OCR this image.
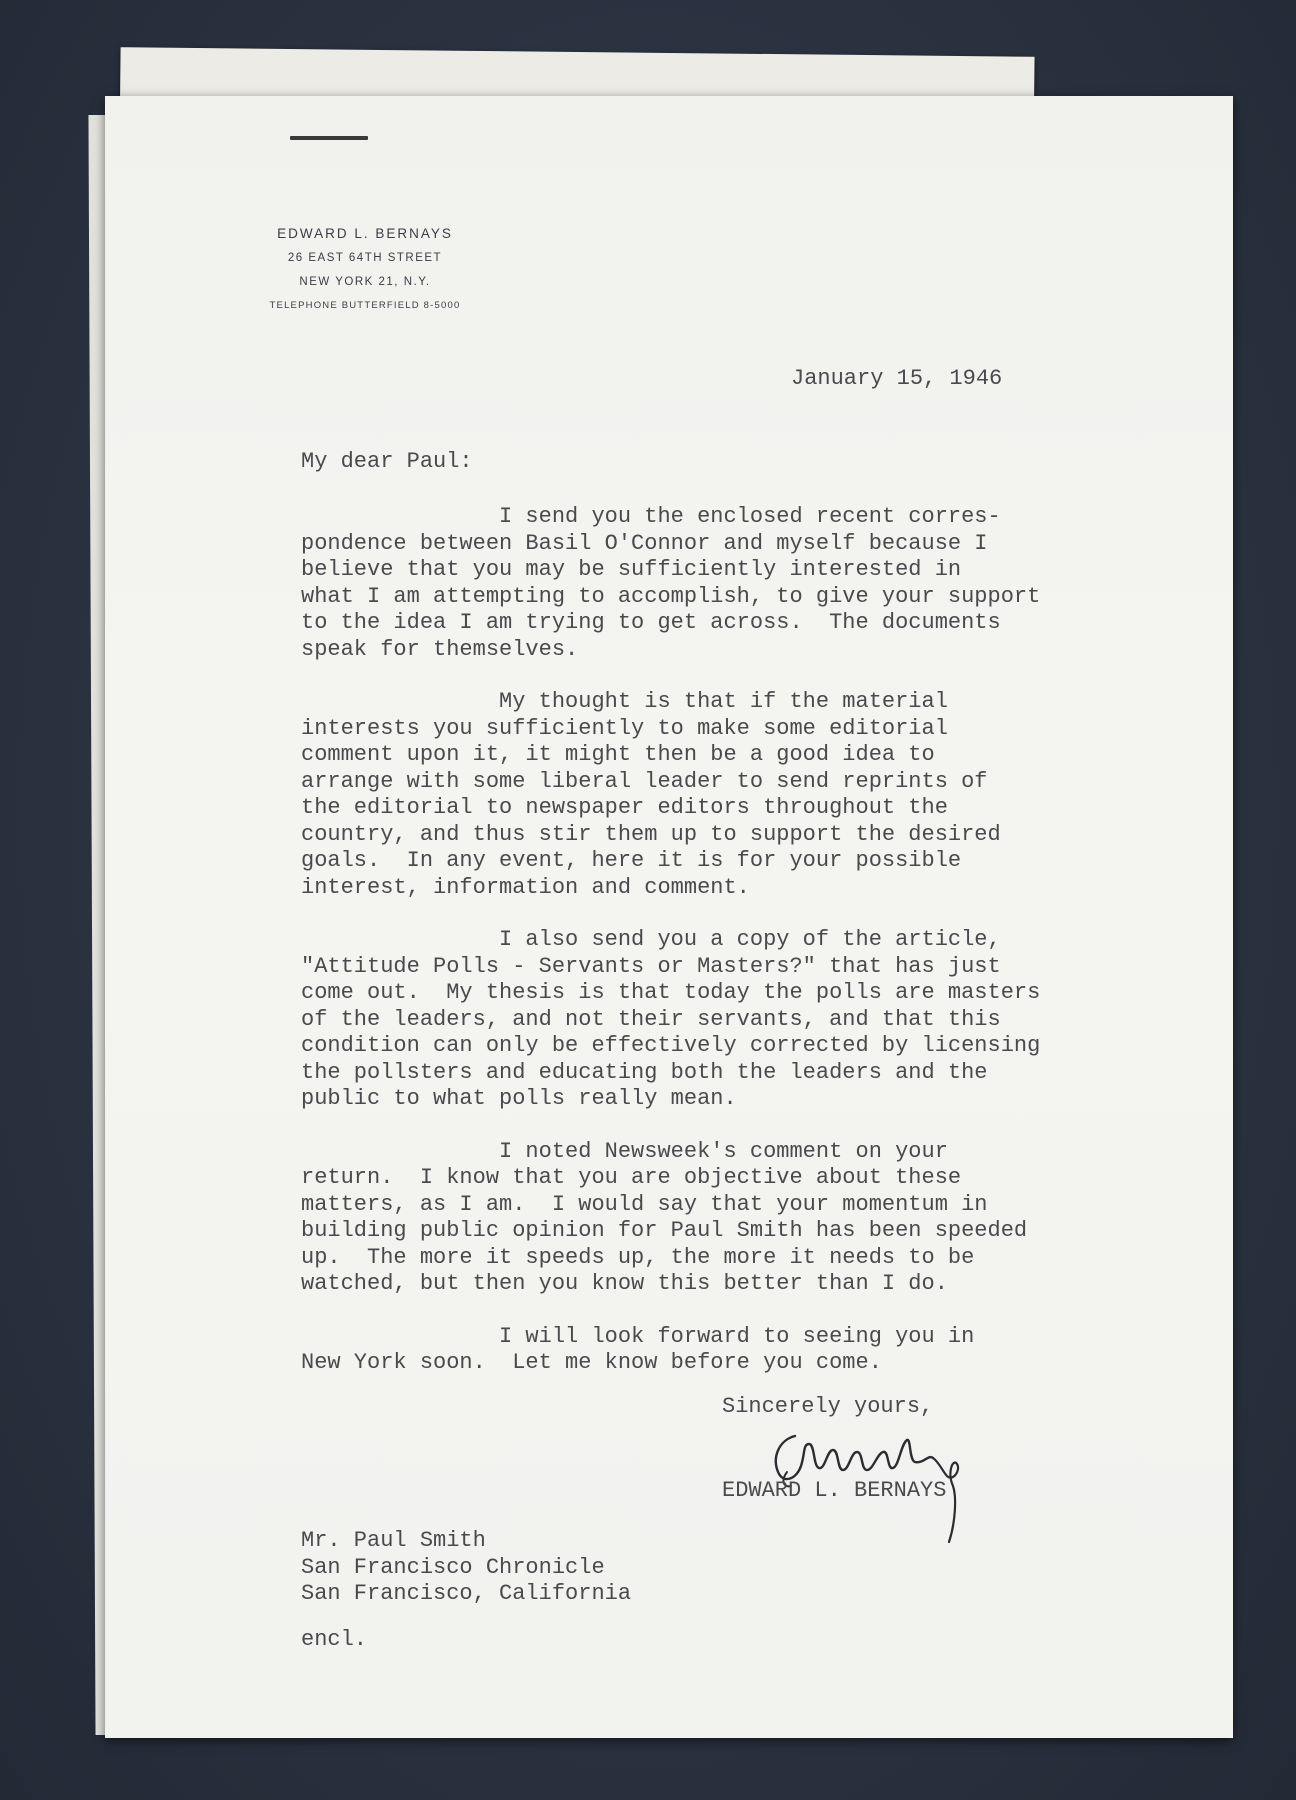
EDWARD L. BERNAYS
26 EAST 64TH STREET
NEW YORK 21, N.Y.
TELEPHONE BUTTERFIELD 8-5000
January 15, 1946
My dear Paul:
I send you the enclosed recent corres-
pondence between Basil O'Connor and myself because I
believe that you may be sufficiently interested in
what I am attempting to accomplish, to give your support
to the idea I am trying to get across.  The documents
speak for themselves.
My thought is that if the material
interests you sufficiently to make some editorial
comment upon it, it might then be a good idea to
arrange with some liberal leader to send reprints of
the editorial to newspaper editors throughout the
country, and thus stir them up to support the desired
goals.  In any event, here it is for your possible
interest, information and comment.
I also send you a copy of the article,
"Attitude Polls - Servants or Masters?" that has just
come out.  My thesis is that today the polls are masters
of the leaders, and not their servants, and that this
condition can only be effectively corrected by licensing
the pollsters and educating both the leaders and the
public to what polls really mean.
I noted Newsweek's comment on your
return.  I know that you are objective about these
matters, as I am.  I would say that your momentum in
building public opinion for Paul Smith has been speeded
up.  The more it speeds up, the more it needs to be
watched, but then you know this better than I do.
I will look forward to seeing you in
New York soon.  Let me know before you come.
Sincerely yours,
EDWARD L. BERNAYS
Mr. Paul Smith
San Francisco Chronicle
San Francisco, California
encl.
